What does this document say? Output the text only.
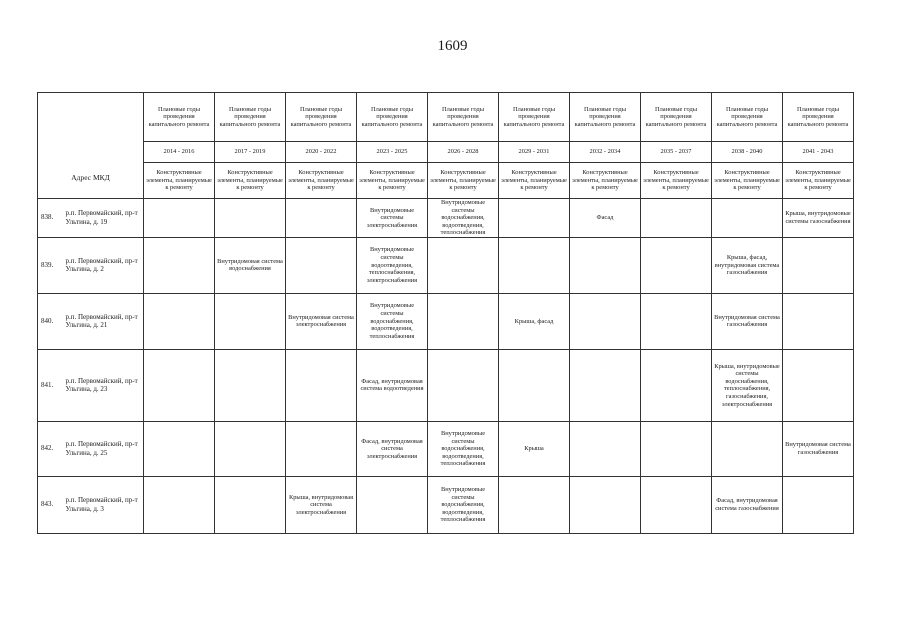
1609
Адрес МКД		Плановые годы проведения капитального ремонта	Плановые годы проведения капитального ремонта	Плановые годы проведения капитального ремонта	Плановые годы проведения капитального ремонта	Плановые годы проведения капитального ремонта	Плановые годы проведения капитального ремонта	Плановые годы проведения капитального ремонта	Плановые годы проведения капитального ремонта	Плановые годы проведения капитального ремонта	Плановые годы проведения капитального ремонта
		2014 - 2016	2017 - 2019	2020 - 2022	2023 - 2025	2026 - 2028	2029 - 2031	2032 - 2034	2035 - 2037	2038 - 2040	2041 - 2043
		Конструктивные элементы, планируемые к ремонту	Конструктивные элементы, планируемые к ремонту	Конструктивные элементы, планируемые к ремонту	Конструктивные элементы, планируемые к ремонту	Конструктивные элементы, планируемые к ремонту	Конструктивные элементы, планируемые к ремонту	Конструктивные элементы, планируемые к ремонту	Конструктивные элементы, планируемые к ремонту	Конструктивные элементы, планируемые к ремонту	Конструктивные элементы, планируемые к ремонту
838.	р.п. Первомайский, пр-т Ультина, д. 19				Внутридомовые системы электроснабжения	Внутридомовые системы водоснабжения, водоотведения, теплоснабжения		Фасад			Крыша, внутридомовые системы газоснабжения
839.	р.п. Первомайский, пр-т Ульгина, д. 2		Внутридомовая система водоснабжения		Внутридомовые системы водоотведения, теплоснабжения, электроснабжения					Крыша, фасад, внутридомовая система газоснабжения	
840.	р.п. Первомайский, пр-т Ульгина, д. 21			Внутридомовая система электроснабжения	Внутридомовые системы водоснабжения, водоотведения, теплоснабжения		Крыша, фасад			Внутридомовая система газоснабжения	
841.	р.п. Первомайский, пр-т Ульгина, д. 23				Фасад, внутридомовая система водоотведения					Крыша, внутридомовые системы водоснабжения, теплоснабжения, газоснабжения, электроснабжения	
842.	р.п. Первомайский, пр-т Ульгина, д. 25				Фасад, внутридомовая система электроснабжения	Внутридомовые системы водоснабжения, водоотведения, теплоснабжения	Крыша				Внутридомовая система газоснабжения
843.	р.п. Первомайский, пр-т Ульгина, д. 3			Крыша, внутридомовая система электроснабжения		Внутридомовые системы водоснабжения, водоотведения, теплоснабжения				Фасад, внутридомовая система газоснабжения	
